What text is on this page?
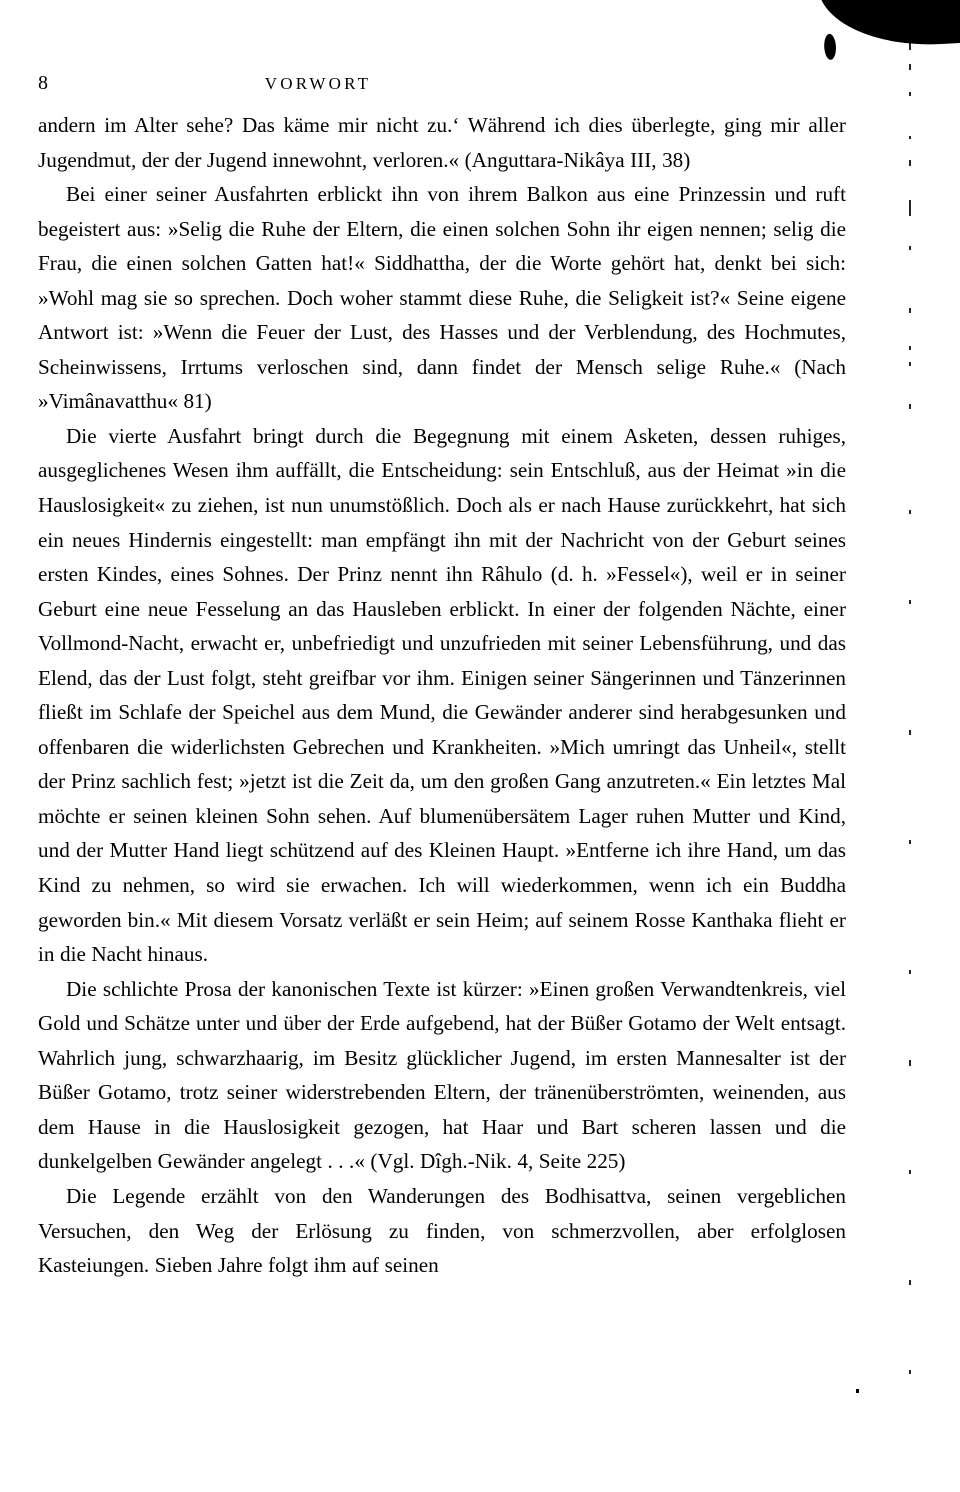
8	VORWORT

andern im Alter sehe? Das käme mir nicht zu.‘ Während ich dies überlegte, ging mir aller Jugendmut, der der Jugend innewohnt, verloren.« (Anguttara-Nikâya III, 38)

Bei einer seiner Ausfahrten erblickt ihn von ihrem Balkon aus eine Prinzessin und ruft begeistert aus: »Selig die Ruhe der Eltern, die einen solchen Sohn ihr eigen nennen; selig die Frau, die einen solchen Gatten hat!« Siddhattha, der die Worte gehört hat, denkt bei sich: »Wohl mag sie so sprechen. Doch woher stammt diese Ruhe, die Seligkeit ist?« Seine eigene Antwort ist: »Wenn die Feuer der Lust, des Hasses und der Verblendung, des Hochmutes, Scheinwissens, Irrtums verloschen sind, dann findet der Mensch selige Ruhe.« (Nach »Vimânavatthu« 81)

Die vierte Ausfahrt bringt durch die Begegnung mit einem Asketen, dessen ruhiges, ausgeglichenes Wesen ihm auffällt, die Entscheidung: sein Entschluß, aus der Heimat »in die Hauslosigkeit« zu ziehen, ist nun unumstößlich. Doch als er nach Hause zurückkehrt, hat sich ein neues Hindernis eingestellt: man empfängt ihn mit der Nachricht von der Geburt seines ersten Kindes, eines Sohnes. Der Prinz nennt ihn Râhulo (d. h. »Fessel«), weil er in seiner Geburt eine neue Fesselung an das Hausleben erblickt. In einer der folgenden Nächte, einer Vollmond-Nacht, erwacht er, unbefriedigt und unzufrieden mit seiner Lebensführung, und das Elend, das der Lust folgt, steht greifbar vor ihm. Einigen seiner Sängerinnen und Tänzerinnen fließt im Schlafe der Speichel aus dem Mund, die Gewänder anderer sind herabgesunken und offenbaren die widerlichsten Gebrechen und Krankheiten. »Mich umringt das Unheil«, stellt der Prinz sachlich fest; »jetzt ist die Zeit da, um den großen Gang anzutreten.« Ein letztes Mal möchte er seinen kleinen Sohn sehen. Auf blumenübersätem Lager ruhen Mutter und Kind, und der Mutter Hand liegt schützend auf des Kleinen Haupt. »Entferne ich ihre Hand, um das Kind zu nehmen, so wird sie erwachen. Ich will wiederkommen, wenn ich ein Buddha geworden bin.« Mit diesem Vorsatz verläßt er sein Heim; auf seinem Rosse Kanthaka flieht er in die Nacht hinaus.

Die schlichte Prosa der kanonischen Texte ist kürzer: »Einen großen Verwandtenkreis, viel Gold und Schätze unter und über der Erde aufgebend, hat der Büßer Gotamo der Welt entsagt. Wahrlich jung, schwarzhaarig, im Besitz glücklicher Jugend, im ersten Mannesalter ist der Büßer Gotamo, trotz seiner widerstrebenden Eltern, der tränenüberströmten, weinenden, aus dem Hause in die Hauslosigkeit gezogen, hat Haar und Bart scheren lassen und die dunkelgelben Gewänder angelegt . . .« (Vgl. Dîgh.-Nik. 4, Seite 225)

Die Legende erzählt von den Wanderungen des Bodhisattva, seinen vergeblichen Versuchen, den Weg der Erlösung zu finden, von schmerzvollen, aber erfolglosen Kasteiungen. Sieben Jahre folgt ihm auf seinen
